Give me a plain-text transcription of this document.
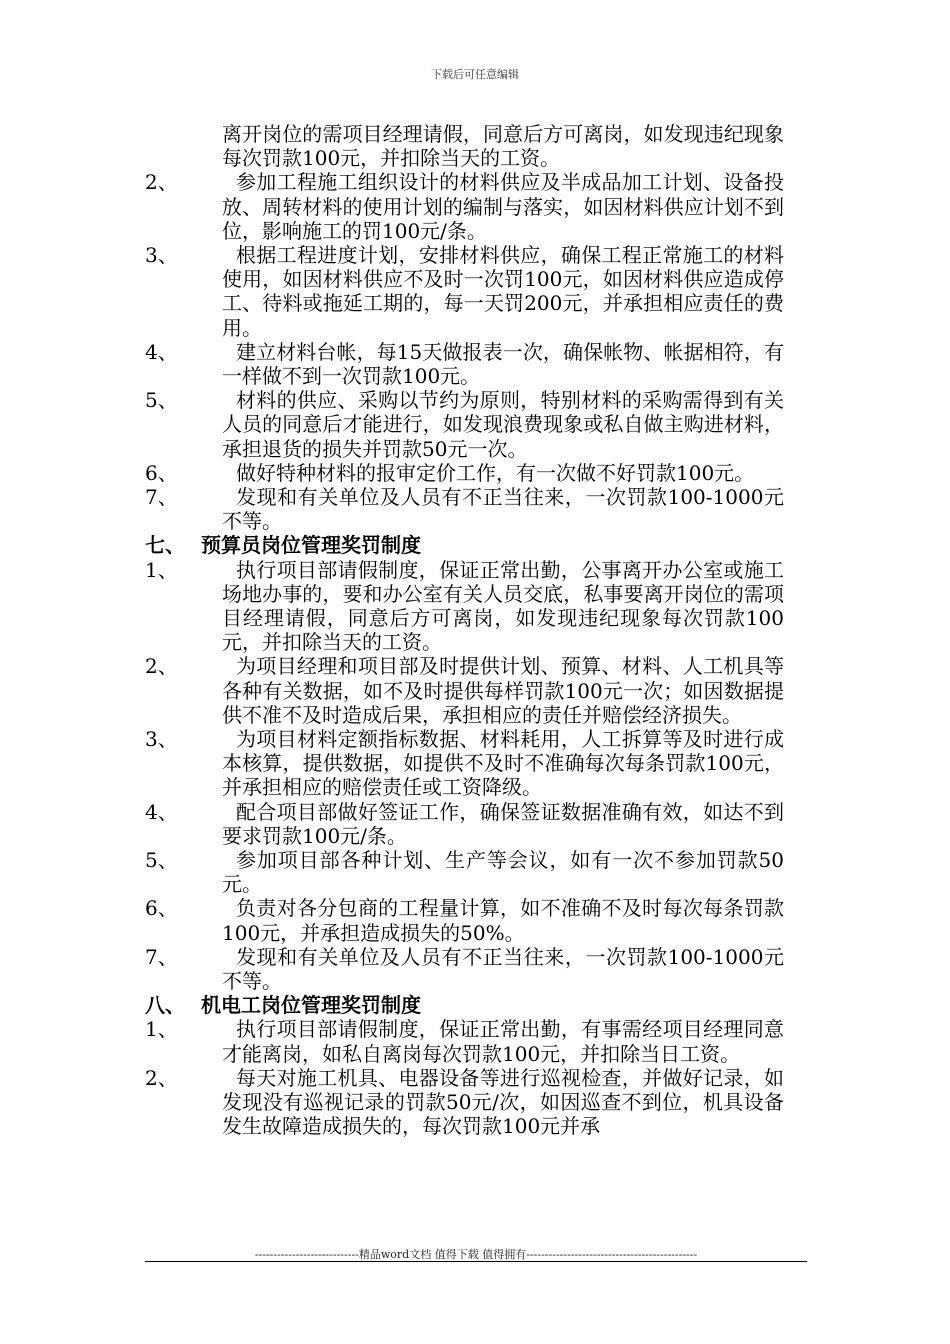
下载后可任意编辑
离开岗位的需项目经理请假，同意后方可离岗，如发现违纪现象每次罚款100元，并扣除当天的工资。
2、	参加工程施工组织设计的材料供应及半成品加工计划、设备投放、周转材料的使用计划的编制与落实，如因材料供应计划不到位，影响施工的罚100元/条。
3、	根据工程进度计划，安排材料供应，确保工程正常施工的材料使用，如因材料供应不及时一次罚100元，如因材料供应造成停工、待料或拖延工期的，每一天罚200元，并承担相应责任的费用。
4、	建立材料台帐，每15天做报表一次，确保帐物、帐据相符，有一样做不到一次罚款100元。
5、	材料的供应、采购以节约为原则，特别材料的采购需得到有关人员的同意后才能进行，如发现浪费现象或私自做主购进材料，承担退货的损失并罚款50元一次。
6、	做好特种材料的报审定价工作，有一次做不好罚款100元。
7、	发现和有关单位及人员有不正当往来，一次罚款100-1000元不等。
七、 预算员岗位管理奖罚制度
1、	执行项目部请假制度，保证正常出勤，公事离开办公室或施工场地办事的，要和办公室有关人员交底，私事要离开岗位的需项目经理请假，同意后方可离岗，如发现违纪现象每次罚款100元，并扣除当天的工资。
2、	为项目经理和项目部及时提供计划、预算、材料、人工机具等各种有关数据，如不及时提供每样罚款100元一次；如因数据提供不准不及时造成后果，承担相应的责任并赔偿经济损失。
3、	为项目材料定额指标数据、材料耗用，人工拆算等及时进行成本核算，提供数据，如提供不及时不准确每次每条罚款100元，并承担相应的赔偿责任或工资降级。
4、	配合项目部做好签证工作，确保签证数据准确有效，如达不到要求罚款100元/条。
5、	参加项目部各种计划、生产等会议，如有一次不参加罚款50元。
6、	负责对各分包商的工程量计算，如不准确不及时每次每条罚款100元，并承担造成损失的50%。
7、	发现和有关单位及人员有不正当往来，一次罚款100-1000元不等。
八、 机电工岗位管理奖罚制度
1、	执行项目部请假制度，保证正常出勤，有事需经项目经理同意才能离岗，如私自离岗每次罚款100元，并扣除当日工资。
2、	每天对施工机具、电器设备等进行巡视检查，并做好记录，如发现没有巡视记录的罚款50元/次，如因巡查不到位，机具设备发生故障造成损失的，每次罚款100元并承
----------------------------精品word文档 值得下载 值得拥有----------------------------------------------
